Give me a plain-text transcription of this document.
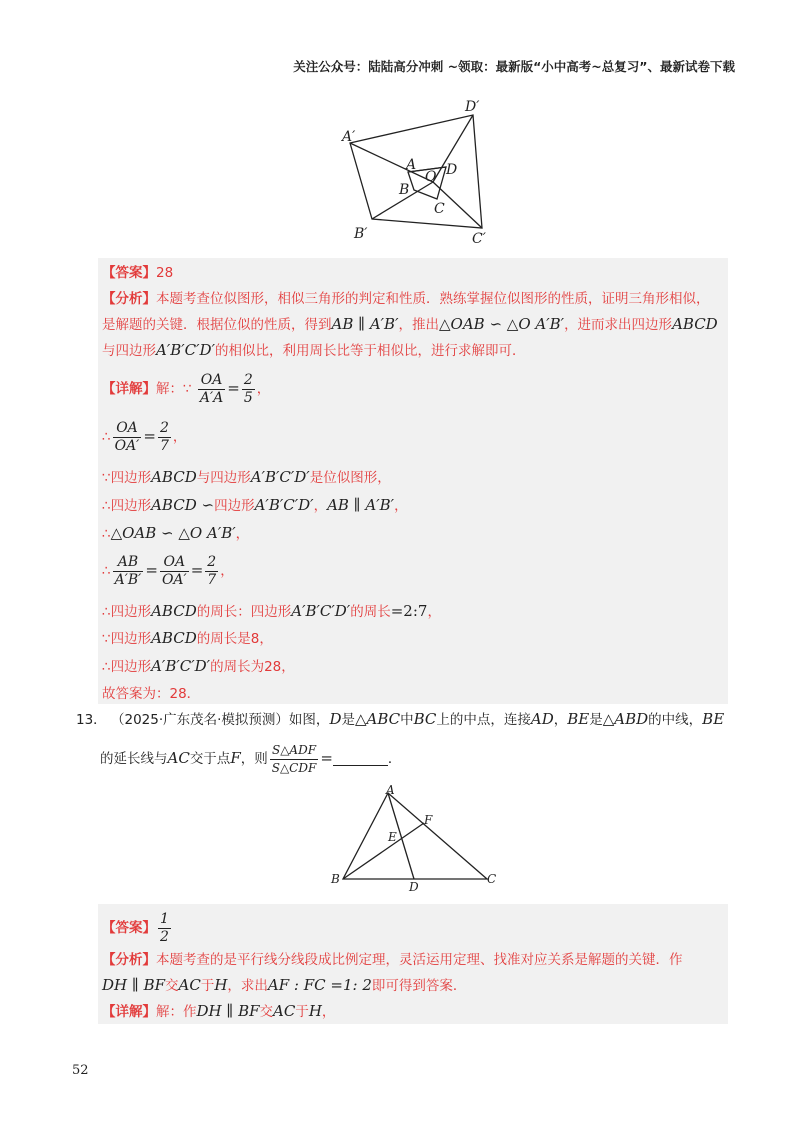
关注公众号：陆陆高分冲刺 ~领取：最新版“小中高考~总复习”、最新试卷下载
D′
A′
A D
O
B
C
B′	C′
【答案】28
【分析】本题考查位似图形，相似三角形的判定和性质．熟练掌握位似图形的性质，证明三角形相似，
是解题的关键．根据位似的性质，得到AB ∥ A′B′，推出△OAB ∽ △O A′B′，进而求出四边形ABCD
与四边形A′B′C′D′的相似比，利用周长比等于相似比，进行求解即可．
【详解】解：∵ $\frac{OA}{A'A} = \frac{2}{5}$ ，
∴ $\frac{OA}{OA'} = \frac{2}{7}$ ，
∵四边形ABCD与四边形A′B′C′D′是位似图形，
∴四边形ABCD ∽四边形A′B′C′D′，AB ∥ A′B′，
∴△OAB ∽ △O A′B′，
∴ $\frac{AB}{A'B'} = \frac{OA}{OA'} = \frac{2}{7}$ ，
∴四边形ABCD的周长：四边形A′B′C′D′的周长=2:7，
∵四边形ABCD的周长是8，
∴四边形A′B′C′D′的周长为28，
故答案为：28．
13． （2025·广东茂名·模拟预测）如图，D是△ABC中BC上的中点，连接AD，BE是△ABD的中线，BE
的延长线与AC交于点F，则 $\frac{\text{S△ADF}}{\text{S△CDF}}$ =	．
A
F
E
B
D
C
【答案】 $\frac{1}{2}$
【分析】本题考查的是平行线分线段成比例定理，灵活运用定理、找准对应关系是解题的关键．作
DH ∥ BF交AC于H，求出AF : FC =1: 2即可得到答案．
【详解】解：作DH ∥ BF交AC于H，
52
